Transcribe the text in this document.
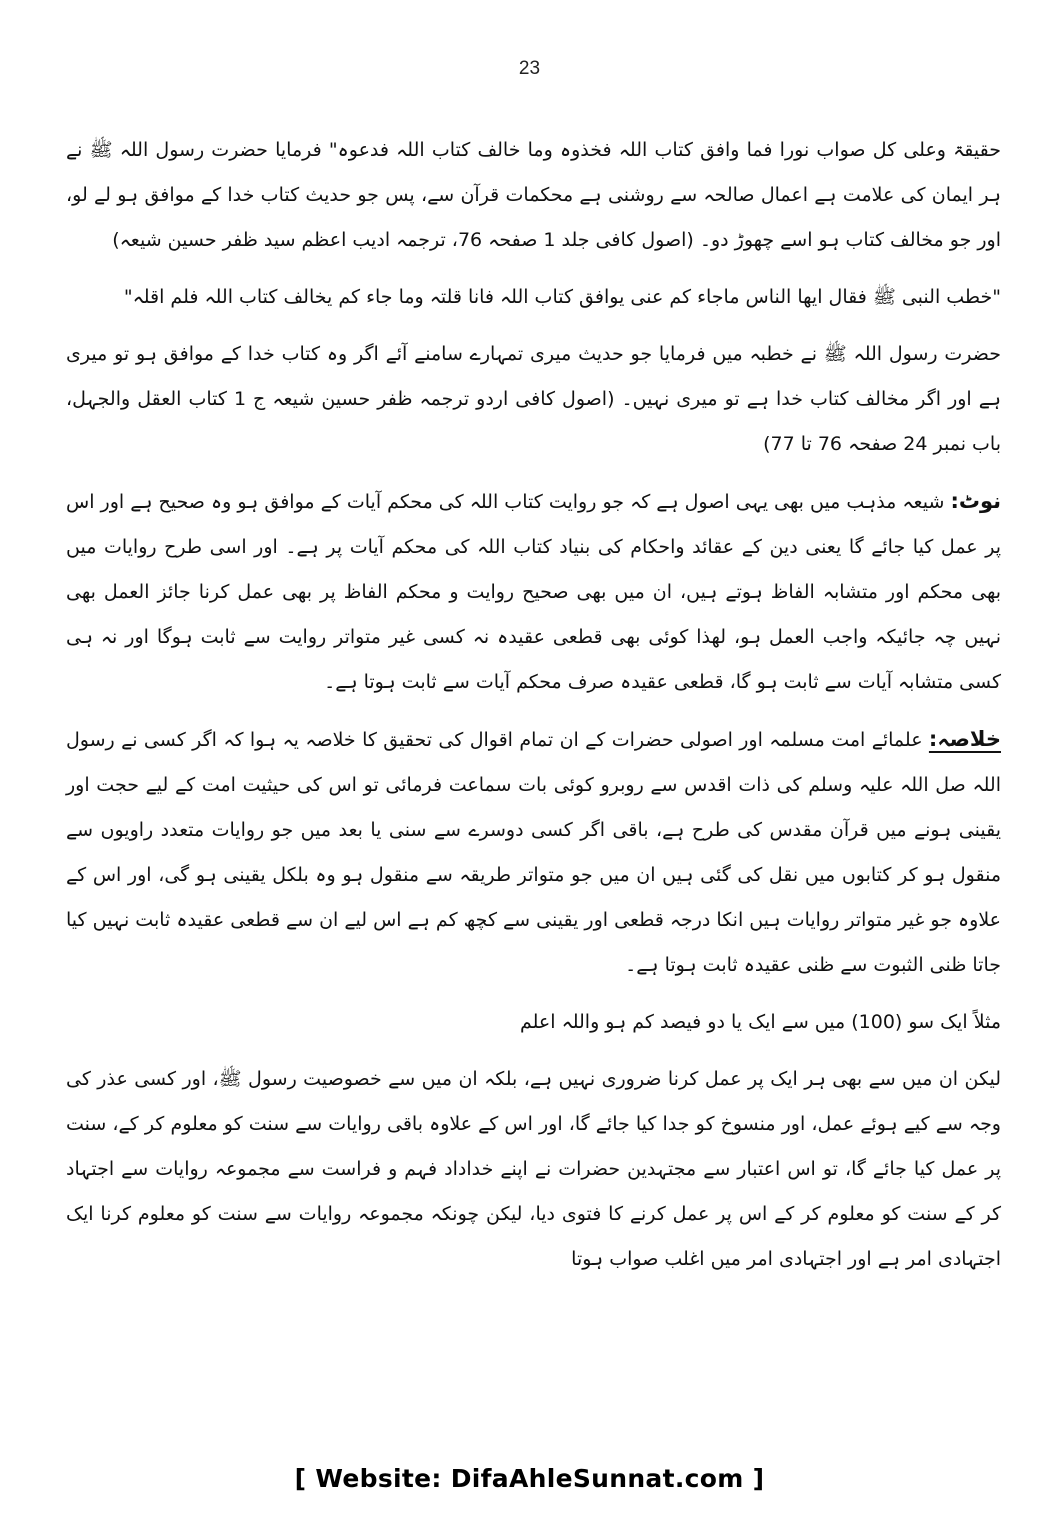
23

حقیقۃ وعلی کل صواب نورا فما وافق کتاب اللہ فخذوہ وما خالف کتاب اللہ فدعوہ" فرمایا حضرت رسول اللہ ﷺ نے ہر ایمان کی علامت ہے اعمال صالحہ سے روشنی ہے محکمات قرآن سے، پس جو حدیث کتاب خدا کے موافق ہو لے لو، اور جو مخالف کتاب ہو اسے چھوڑ دو۔ (اصول کافی جلد 1 صفحہ 76، ترجمہ ادیب اعظم سید ظفر حسین شیعہ)

"خطب النبی ﷺ فقال ایها الناس ماجاء کم عنی یوافق کتاب اللہ فانا قلتہ وما جاء کم یخالف کتاب اللہ فلم اقلہ"

حضرت رسول اللہ ﷺ نے خطبہ میں فرمایا جو حدیث میری تمہارے سامنے آئے اگر وہ کتاب خدا کے موافق ہو تو میری ہے اور اگر مخالف کتاب خدا ہے تو میری نہیں۔ (اصول کافی اردو ترجمہ ظفر حسین شیعہ ج 1 کتاب العقل والجہل، باب نمبر 24 صفحہ 76 تا 77)

نوٹ: شیعہ مذہب میں بھی یہی اصول ہے کہ جو روایت کتاب اللہ کی محکم آیات کے موافق ہو وہ صحیح ہے اور اس پر عمل کیا جائے گا یعنی دین کے عقائد واحکام کی بنیاد کتاب اللہ کی محکم آیات پر ہے۔ اور اسی طرح روایات میں بھی محکم اور متشابہ الفاظ ہوتے ہیں، ان میں بھی صحیح روایت و محکم الفاظ پر بھی عمل کرنا جائز العمل بھی نہیں چہ جائیکہ واجب العمل ہو، لھذا کوئی بھی قطعی عقیدہ نہ کسی غیر متواتر روایت سے ثابت ہوگا اور نہ ہی کسی متشابہ آیات سے ثابت ہو گا، قطعی عقیدہ صرف محکم آیات سے ثابت ہوتا ہے۔

خلاصہ: علمائے امت مسلمہ اور اصولی حضرات کے ان تمام اقوال کی تحقیق کا خلاصہ یہ ہوا کہ اگر کسی نے رسول اللہ صل اللہ علیہ وسلم کی ذات اقدس سے روبرو کوئی بات سماعت فرمائی تو اس کی حیثیت امت کے لیے حجت اور یقینی ہونے میں قرآن مقدس کی طرح ہے، باقی اگر کسی دوسرے سے سنی یا بعد میں جو روایات متعدد راویوں سے منقول ہو کر کتابوں میں نقل کی گئی ہیں ان میں جو متواتر طریقہ سے منقول ہو وہ بلکل یقینی ہو گی، اور اس کے علاوہ جو غیر متواتر روایات ہیں انکا درجہ قطعی اور یقینی سے کچھ کم ہے اس لیے ان سے قطعی عقیدہ ثابت نہیں کیا جاتا ظنی الثبوت سے ظنی عقیدہ ثابت ہوتا ہے۔

مثلاً ایک سو (100) میں سے ایک یا دو فیصد کم ہو واللہ اعلم

لیکن ان میں سے بھی ہر ایک پر عمل کرنا ضروری نہیں ہے، بلکہ ان میں سے خصوصیت رسول ﷺ، اور کسی عذر کی وجہ سے کیے ہوئے عمل، اور منسوخ کو جدا کیا جائے گا، اور اس کے علاوہ باقی روایات سے سنت کو معلوم کر کے، سنت پر عمل کیا جائے گا، تو اس اعتبار سے مجتہدین حضرات نے اپنے خداداد فہم و فراست سے مجموعہ روایات سے اجتہاد کر کے سنت کو معلوم کر کے اس پر عمل کرنے کا فتوی دیا، لیکن چونکہ مجموعہ روایات سے سنت کو معلوم کرنا ایک اجتہادی امر ہے اور اجتہادی امر میں اغلب صواب ہوتا

[ Website: DifaAhleSunnat.com ]
